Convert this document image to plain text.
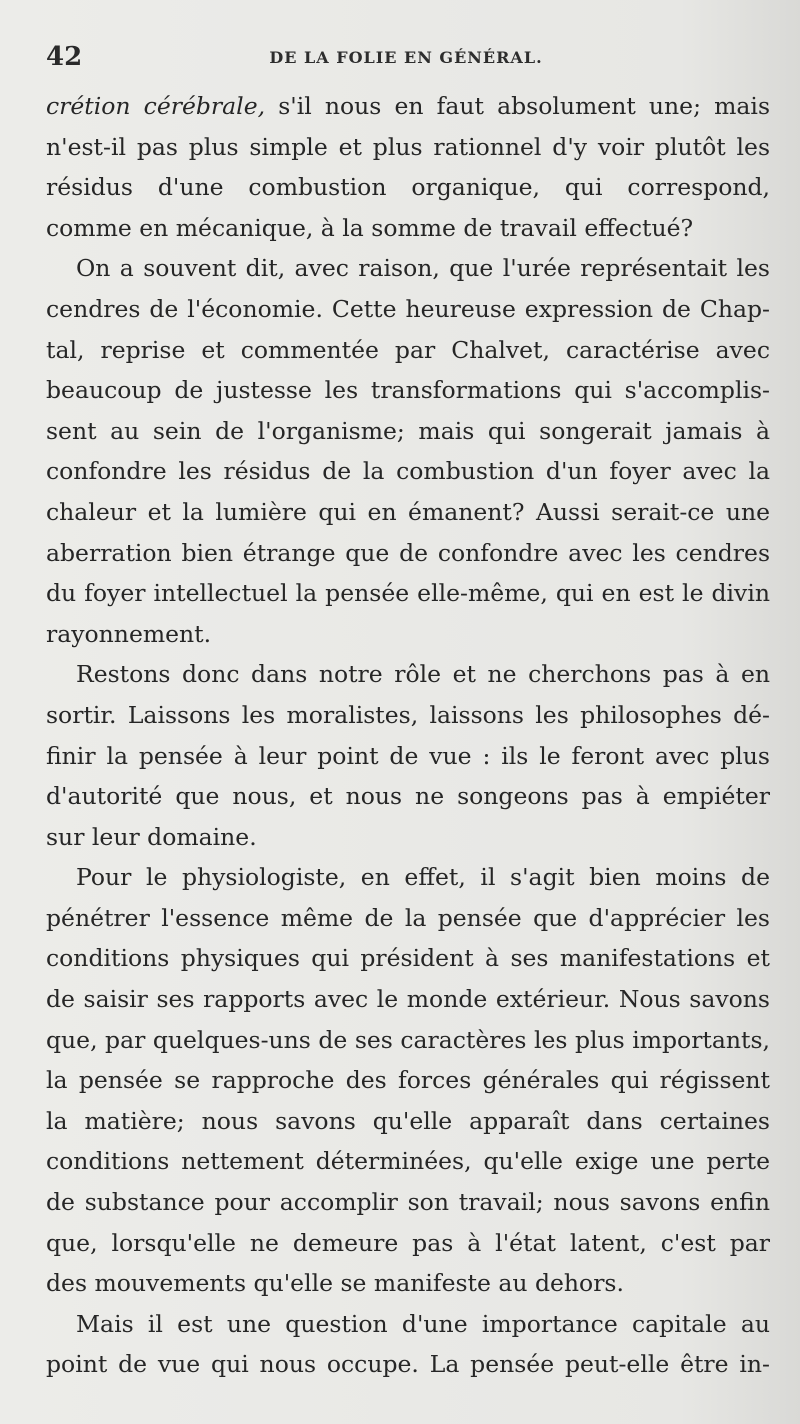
42	DE LA FOLIE EN GÉNÉRAL.
crétion cérébrale, s'il nous en faut absolument une; mais
n'est-il pas plus simple et plus rationnel d'y voir plutôt les
résidus d'une combustion organique, qui correspond,
comme en mécanique, à la somme de travail effectué?
On a souvent dit, avec raison, que l'urée représentait les
cendres de l'économie. Cette heureuse expression de Chap-
tal, reprise et commentée par Chalvet, caractérise avec
beaucoup de justesse les transformations qui s'accomplis-
sent au sein de l'organisme; mais qui songerait jamais à
confondre les résidus de la combustion d'un foyer avec la
chaleur et la lumière qui en émanent? Aussi serait-ce une
aberration bien étrange que de confondre avec les cendres
du foyer intellectuel la pensée elle-même, qui en est le divin
rayonnement.
Restons donc dans notre rôle et ne cherchons pas à en
sortir. Laissons les moralistes, laissons les philosophes dé-
finir la pensée à leur point de vue : ils le feront avec plus
d'autorité que nous, et nous ne songeons pas à empiéter
sur leur domaine.
Pour le physiologiste, en effet, il s'agit bien moins de
pénétrer l'essence même de la pensée que d'apprécier les
conditions physiques qui président à ses manifestations et
de saisir ses rapports avec le monde extérieur. Nous savons
que, par quelques-uns de ses caractères les plus importants,
la pensée se rapproche des forces générales qui régissent
la matière; nous savons qu'elle apparaît dans certaines
conditions nettement déterminées, qu'elle exige une perte
de substance pour accomplir son travail; nous savons enfin
que, lorsqu'elle ne demeure pas à l'état latent, c'est par
des mouvements qu'elle se manifeste au dehors.
Mais il est une question d'une importance capitale au
point de vue qui nous occupe. La pensée peut-elle être in-
